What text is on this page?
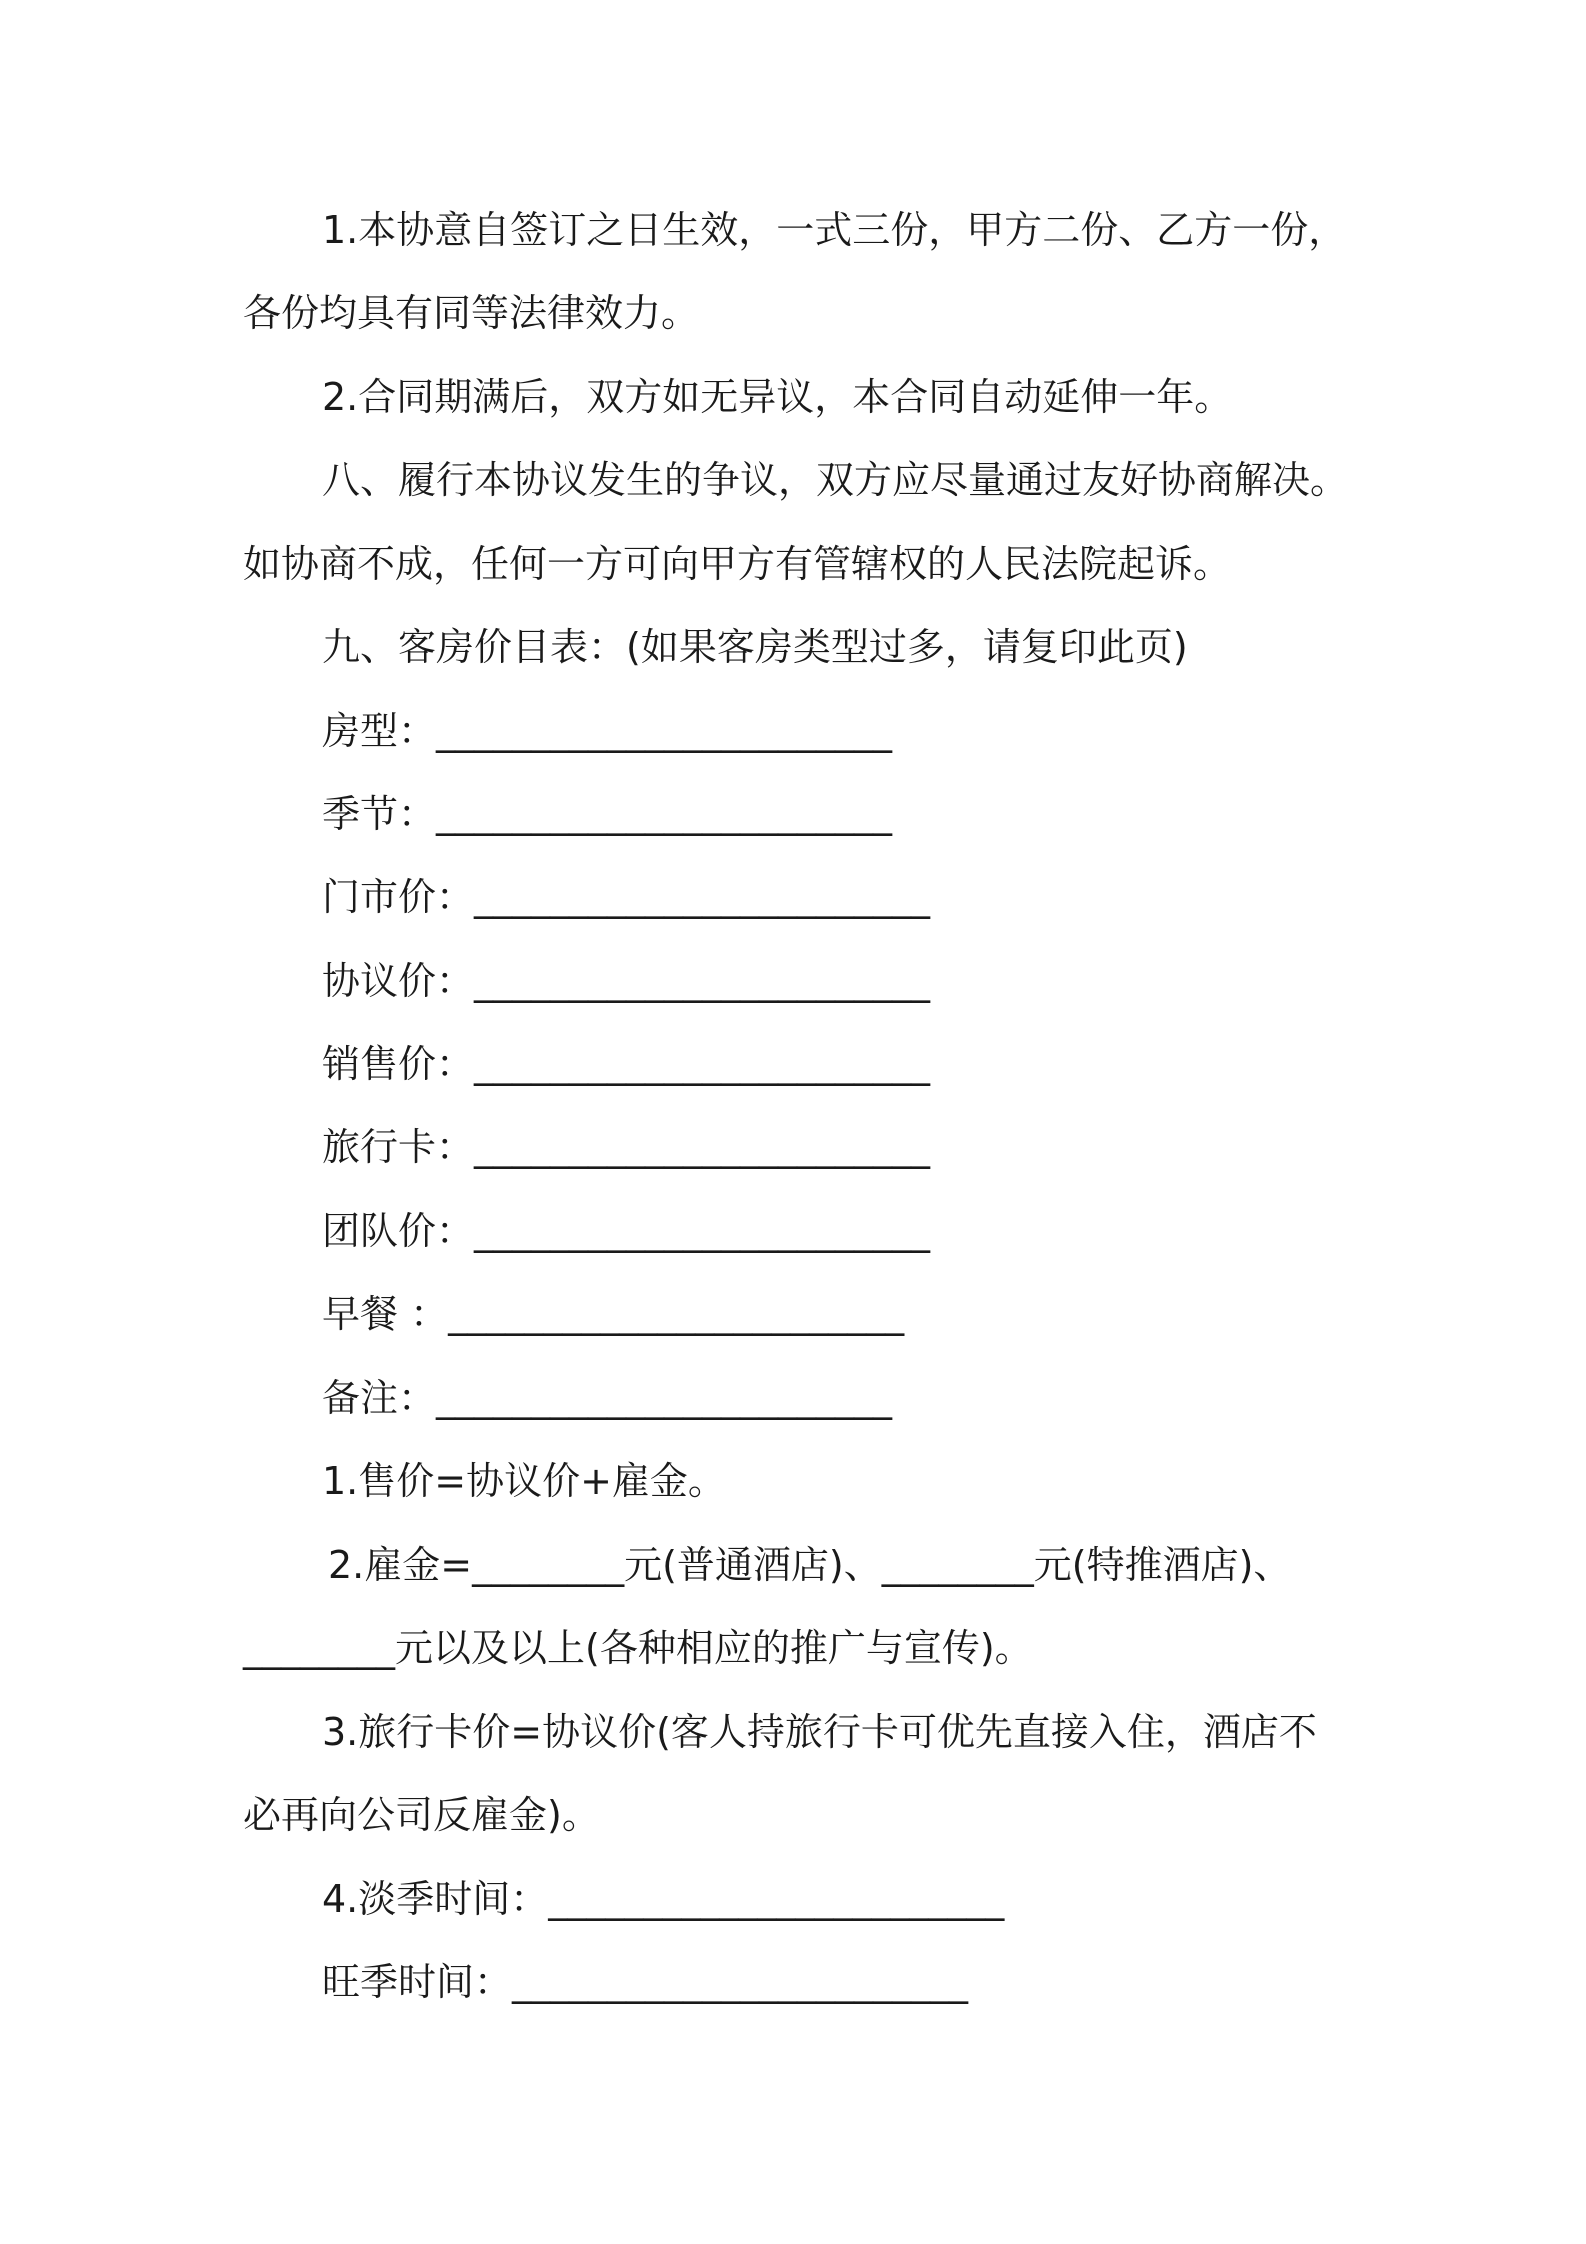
1.本协意自签订之日生效，一式三份，甲方二份、乙方一份，
各份均具有同等法律效力。
2.合同期满后，双方如无异议，本合同自动延伸一年。
八、履行本协议发生的争议，双方应尽量通过友好协商解决。
如协商不成，任何一方可向甲方有管辖权的人民法院起诉。
九、客房价目表：(如果客房类型过多，请复印此页)
房型：________________________
季节：________________________
门市价：________________________
协议价：________________________
销售价：________________________
旅行卡：________________________
团队价：________________________
早餐 ：________________________
备注：________________________
1.售价=协议价+雇金。
2.雇金=________元(普通酒店)、________元(特推酒店)、
________元以及以上(各种相应的推广与宣传)。
3.旅行卡价=协议价(客人持旅行卡可优先直接入住，酒店不
必再向公司反雇金)。
4.淡季时间：________________________
旺季时间：________________________
